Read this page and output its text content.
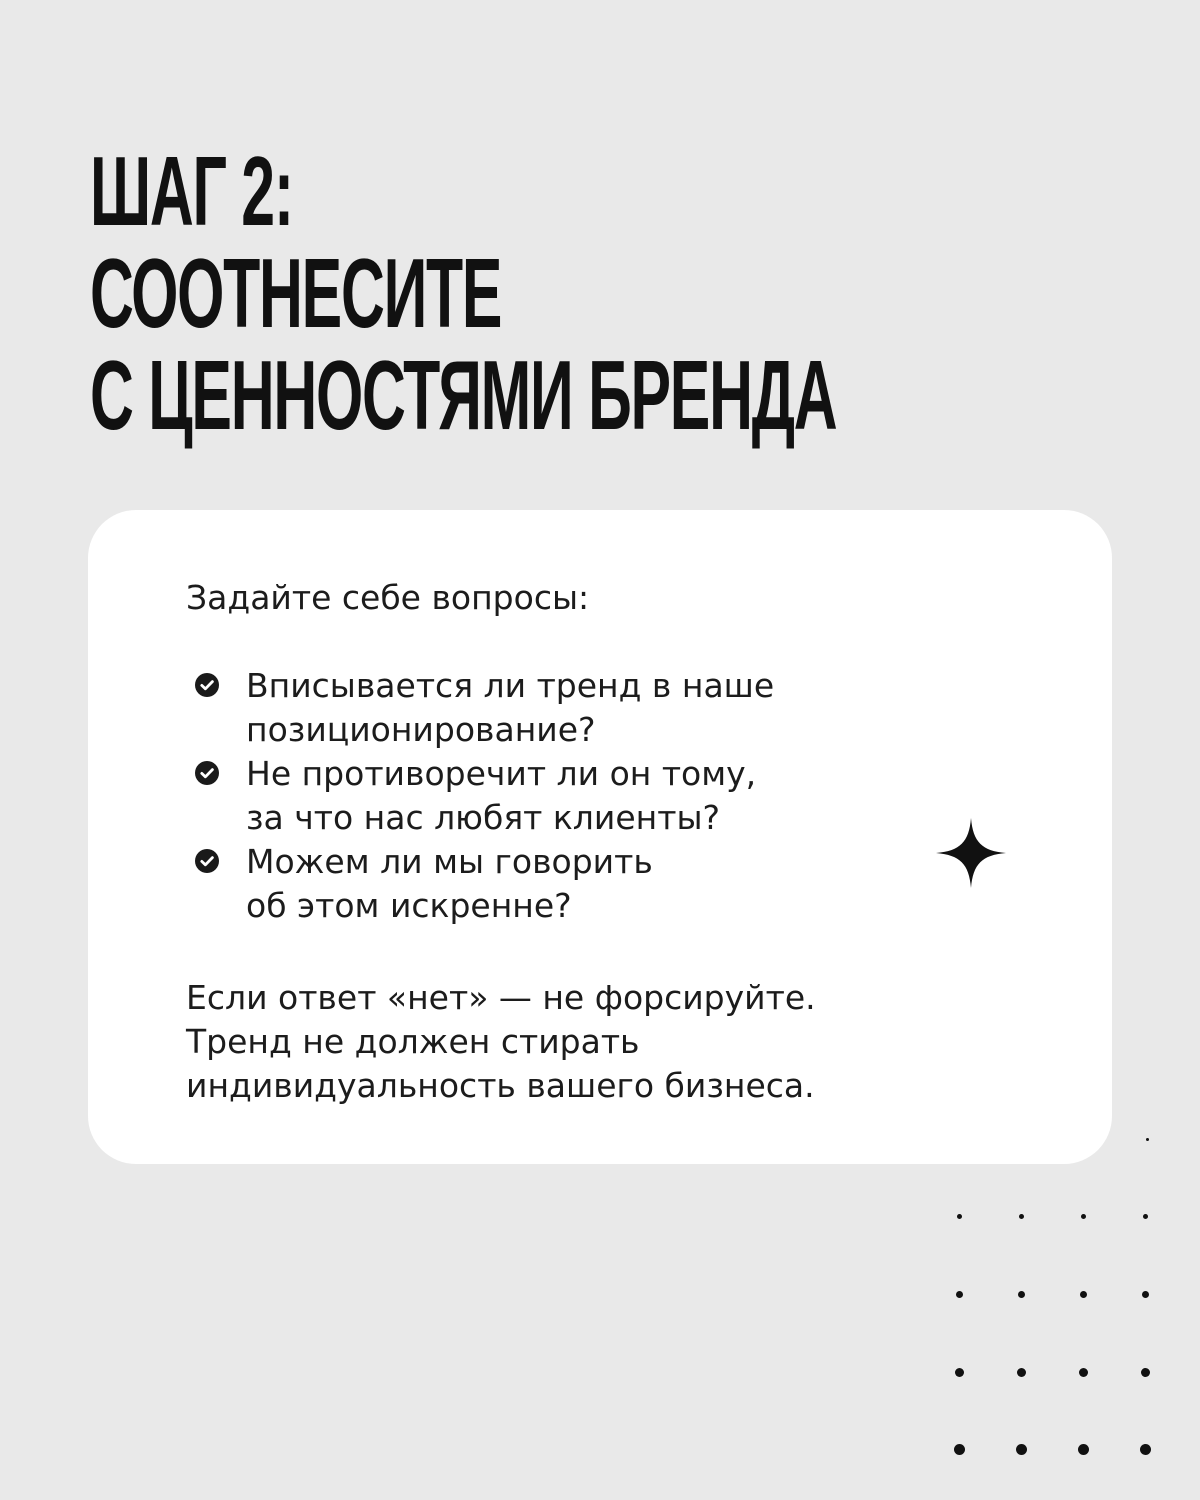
ШАГ 2:
СООТНЕСИТЕ
С ЦЕННОСТЯМИ БРЕНДА

Задайте себе вопросы:

Вписывается ли тренд в наше
позиционирование?
Не противоречит ли он тому,
за что нас любят клиенты?
Можем ли мы говорить
об этом искренне?

Если ответ «нет» — не форсируйте.
Тренд не должен стирать
индивидуальность вашего бизнеса.
